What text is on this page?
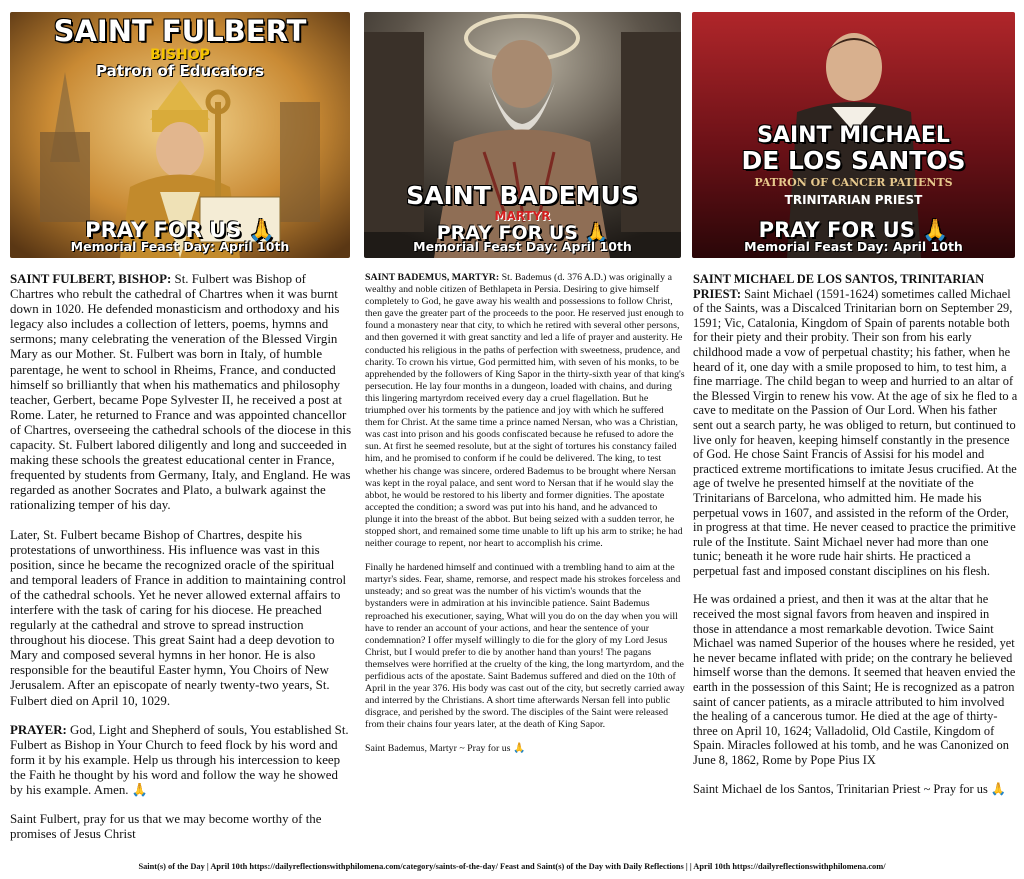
SAINT FULBERT
BISHOP
Patron of Educators
PRAY FOR US 🙏
Memorial Feast Day: April 10th
SAINT BADEMUS
MARTYR
PRAY FOR US 🙏
Memorial Feast Day: April 10th
SAINT MICHAEL
DE LOS SANTOS
PATRON OF CANCER PATIENTS
TRINITARIAN PRIEST
PRAY FOR US 🙏
Memorial Feast Day: April 10th

SAINT FULBERT, BISHOP: St. Fulbert was Bishop of Chartres who rebult the cathedral of Chartres when it was burnt down in 1020. He defended monasticism and orthodoxy and his legacy also includes a collection of letters, poems, hymns and sermons; many celebrating the veneration of the Blessed Virgin Mary as our Mother. St. Fulbert was born in Italy, of humble parentage, he went to school in Rheims, France, and conducted himself so brilliantly that when his mathematics and philosophy teacher, Gerbert, became Pope Sylvester II, he received a post at Rome. Later, he returned to France and was appointed chancellor of Chartres, overseeing the cathedral schools of the diocese in this capacity. St. Fulbert labored diligently and long and succeeded in making these schools the greatest educational center in France, frequented by students from Germany, Italy, and England. He was regarded as another Socrates and Plato, a bulwark against the rationalizing temper of his day.

Later, St. Fulbert became Bishop of Chartres, despite his protestations of unworthiness. His influence was vast in this position, since he became the recognized oracle of the spiritual and temporal leaders of France in addition to maintaining control of the cathedral schools. Yet he never allowed external affairs to interfere with the task of caring for his diocese. He preached regularly at the cathedral and strove to spread instruction throughout his diocese. This great Saint had a deep devotion to Mary and composed several hymns in her honor. He is also responsible for the beautiful Easter hymn, You Choirs of New Jerusalem. After an episcopate of nearly twenty-two years, St. Fulbert died on April 10, 1029.

PRAYER: God, Light and Shepherd of souls, You established St. Fulbert as Bishop in Your Church to feed flock by his word and form it by his example. Help us through his intercession to keep the Faith he thought by his word and follow the way he showed by his example. Amen. 🙏

Saint Fulbert, pray for us that we may become worthy of the promises of Jesus Christ

SAINT BADEMUS, MARTYR: St. Bademus (d. 376 A.D.) was originally a wealthy and noble citizen of Bethlapeta in Persia. Desiring to give himself completely to God, he gave away his wealth and possessions to follow Christ, then gave the greater part of the proceeds to the poor. He reserved just enough to found a monastery near that city, to which he retired with several other persons, and then governed it with great sanctity and led a life of prayer and austerity. He conducted his religious in the paths of perfection with sweetness, prudence, and charity. To crown his virtue, God permitted him, with seven of his monks, to be apprehended by the followers of King Sapor in the thirty-sixth year of that king's persecution. He lay four months in a dungeon, loaded with chains, and during this lingering martyrdom received every day a cruel flagellation. But he triumphed over his torments by the patience and joy with which he suffered them for Christ. At the same time a prince named Nersan, who was a Christian, was cast into prison and his goods confiscated because he refused to adore the sun. At first he seemed resolute, but at the sight of tortures his constancy failed him, and he promised to conform if he could be delivered. The king, to test whether his change was sincere, ordered Bademus to be brought where Nersan was kept in the royal palace, and sent word to Nersan that if he would slay the abbot, he would be restored to his liberty and former dignities. The apostate accepted the condition; a sword was put into his hand, and he advanced to plunge it into the breast of the abbot. But being seized with a sudden terror, he stopped short, and remained some time unable to lift up his arm to strike; he had neither courage to repent, nor heart to accomplish his crime.

Finally he hardened himself and continued with a trembling hand to aim at the martyr's sides. Fear, shame, remorse, and respect made his strokes forceless and unsteady; and so great was the number of his victim's wounds that the bystanders were in admiration at his invincible patience. Saint Bademus reproached his executioner, saying, What will you do on the day when you will have to render an account of your actions, and hear the sentence of your condemnation? I offer myself willingly to die for the glory of my Lord Jesus Christ, but I would prefer to die by another hand than yours! The pagans themselves were horrified at the cruelty of the king, the long martyrdom, and the perfidious acts of the apostate. Saint Bademus suffered and died on the 10th of April in the year 376. His body was cast out of the city, but secretly carried away and interred by the Christians. A short time afterwards Nersan fell into public disgrace, and perished by the sword. The disciples of the Saint were released from their chains four years later, at the death of King Sapor.

Saint Bademus, Martyr ~ Pray for us 🙏

SAINT MICHAEL DE LOS SANTOS, TRINITARIAN PRIEST: Saint Michael (1591-1624) sometimes called Michael of the Saints, was a Discalced Trinitarian born on September 29, 1591; Vic, Catalonia, Kingdom of Spain of parents notable both for their piety and their probity. Their son from his early childhood made a vow of perpetual chastity; his father, when he heard of it, one day with a smile proposed to him, to test him, a fine marriage. The child began to weep and hurried to an altar of the Blessed Virgin to renew his vow. At the age of six he fled to a cave to meditate on the Passion of Our Lord. When his father sent out a search party, he was obliged to return, but continued to live only for heaven, keeping himself constantly in the presence of God. He chose Saint Francis of Assisi for his model and practiced extreme mortifications to imitate Jesus crucified. At the age of twelve he presented himself at the novitiate of the Trinitarians of Barcelona, who admitted him. He made his perpetual vows in 1607, and assisted in the reform of the Order, in progress at that time. He never ceased to practice the primitive rule of the Institute. Saint Michael never had more than one tunic; beneath it he wore rude hair shirts. He practiced a perpetual fast and imposed constant disciplines on his flesh.

He was ordained a priest, and then it was at the altar that he received the most signal favors from heaven and inspired in those in attendance a most remarkable devotion. Twice Saint Michael was named Superior of the houses where he resided, yet he never became inflated with pride; on the contrary he believed himself worse than the demons. It seemed that heaven envied the earth in the possession of this Saint; He is recognized as a patron saint of cancer patients, as a miracle attributed to him involved the healing of a cancerous tumor. He died at the age of thirty-three on April 10, 1624; Valladolid, Old Castile, Kingdom of Spain. Miracles followed at his tomb, and he was Canonized on June 8, 1862, Rome by Pope Pius IX

Saint Michael de los Santos, Trinitarian Priest ~ Pray for us 🙏

Saint(s) of the Day | April 10th https://dailyreflectionswithphilomena.com/category/saints-of-the-day/ Feast and Saint(s) of the Day with Daily Reflections | | April 10th https://dailyreflectionswithphilomena.com/
